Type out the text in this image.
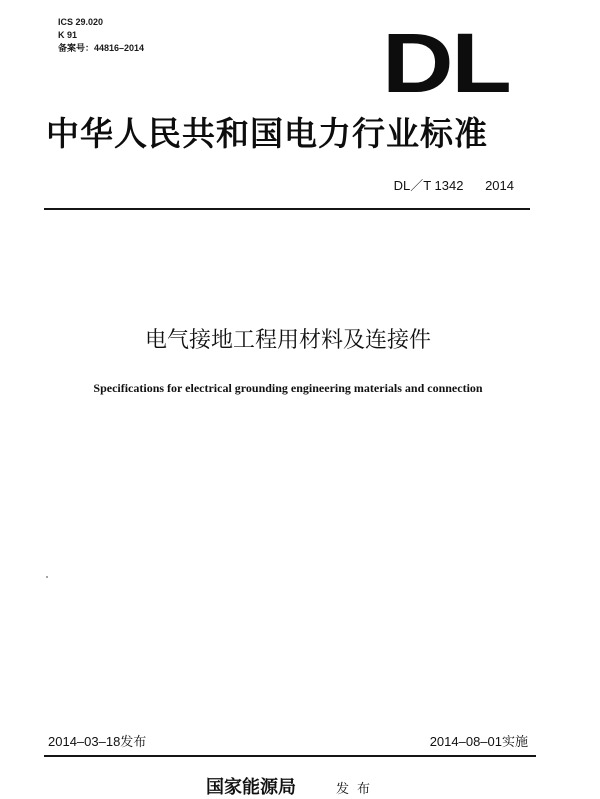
ICS 29.020
K 91
备案号：44816–2014	DL
中华人民共和国电力行业标准
DL／T 1342 2014
电气接地工程用材料及连接件
Specifications for electrical grounding engineering materials and connection
2014–03–18发布	2014–08–01实施
国家能源局	发布
